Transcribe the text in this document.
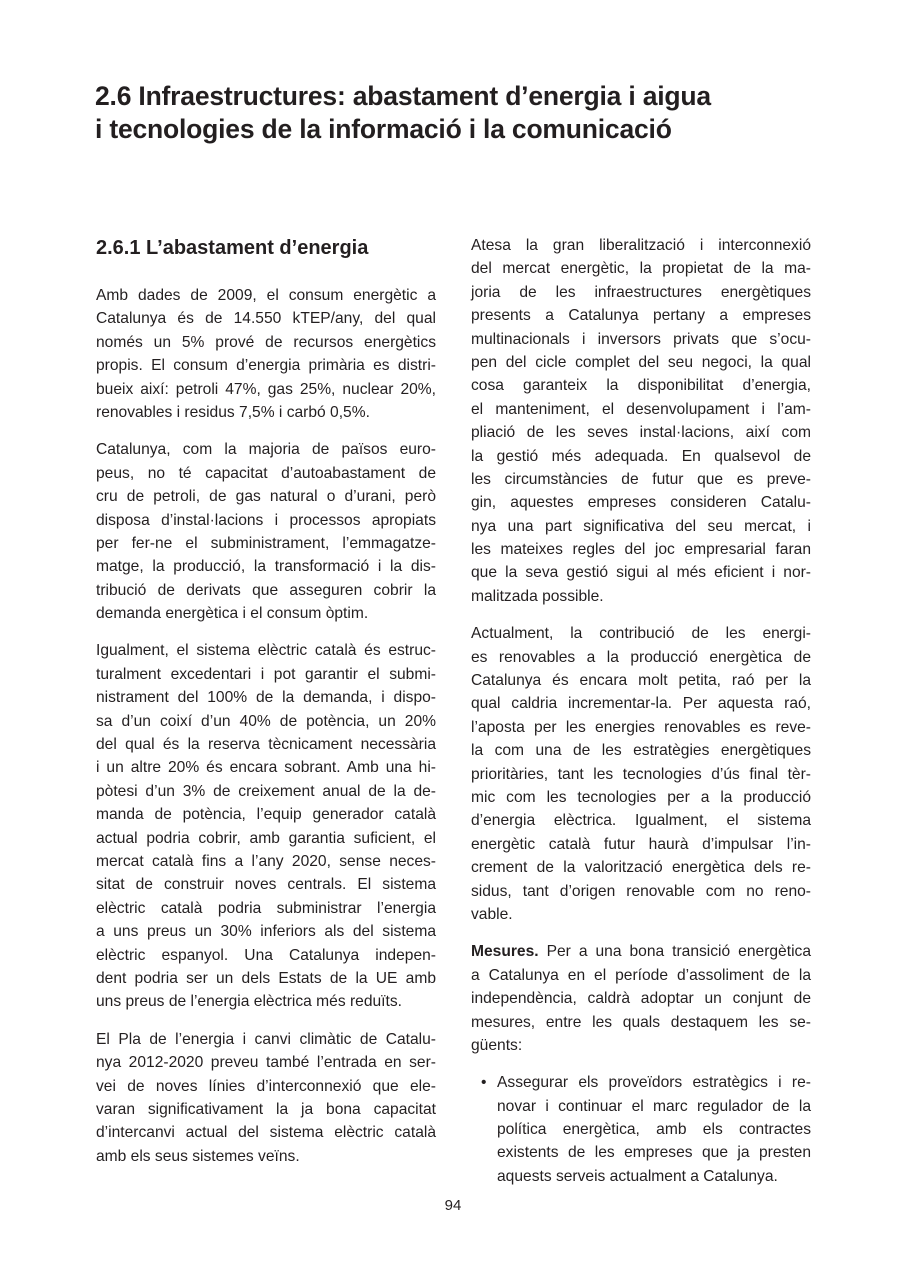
2.6 Infraestructures: abastament d’energia i aigua
i tecnologies de la informació i la comunicació
2.6.1 L’abastament d’energia
Amb dades de 2009, el consum energètic a
Catalunya és de 14.550 kTEP/any, del qual
només un 5% prové de recursos energètics
propis. El consum d’energia primària es distri-
bueix així: petroli 47%, gas 25%, nuclear 20%,
renovables i residus 7,5% i carbó 0,5%.
Catalunya, com la majoria de països euro-
peus, no té capacitat d’autoabastament de
cru de petroli, de gas natural o d’urani, però
disposa d’instal·lacions i processos apropiats
per fer-ne el subministrament, l’emmagatze-
matge, la producció, la transformació i la dis-
tribució de derivats que asseguren cobrir la
demanda energètica i el consum òptim.
Igualment, el sistema elèctric català és estruc-
turalment excedentari i pot garantir el submi-
nistrament del 100% de la demanda, i dispo-
sa d’un coixí d’un 40% de potència, un 20%
del qual és la reserva tècnicament necessària
i un altre 20% és encara sobrant. Amb una hi-
pòtesi d’un 3% de creixement anual de la de-
manda de potència, l’equip generador català
actual podria cobrir, amb garantia suficient, el
mercat català fins a l’any 2020, sense neces-
sitat de construir noves centrals. El sistema
elèctric català podria subministrar l’energia
a uns preus un 30% inferiors als del sistema
elèctric espanyol. Una Catalunya indepen-
dent podria ser un dels Estats de la UE amb
uns preus de l’energia elèctrica més reduïts.
El Pla de l’energia i canvi climàtic de Catalu-
nya 2012-2020 preveu també l’entrada en ser-
vei de noves línies d’interconnexió que ele-
varan significativament la ja bona capacitat
d’intercanvi actual del sistema elèctric català
amb els seus sistemes veïns.
Atesa la gran liberalització i interconnexió
del mercat energètic, la propietat de la ma-
joria de les infraestructures energètiques
presents a Catalunya pertany a empreses
multinacionals i inversors privats que s’ocu-
pen del cicle complet del seu negoci, la qual
cosa garanteix la disponibilitat d’energia,
el manteniment, el desenvolupament i l’am-
pliació de les seves instal·lacions, així com
la gestió més adequada. En qualsevol de
les circumstàncies de futur que es preve-
gin, aquestes empreses consideren Catalu-
nya una part significativa del seu mercat, i
les mateixes regles del joc empresarial faran
que la seva gestió sigui al més eficient i nor-
malitzada possible.
Actualment, la contribució de les energi-
es renovables a la producció energètica de
Catalunya és encara molt petita, raó per la
qual caldria incrementar-la. Per aquesta raó,
l’aposta per les energies renovables es reve-
la com una de les estratègies energètiques
prioritàries, tant les tecnologies d’ús final tèr-
mic com les tecnologies per a la producció
d’energia elèctrica. Igualment, el sistema
energètic català futur haurà d’impulsar l’in-
crement de la valorització energètica dels re-
sidus, tant d’origen renovable com no reno-
vable.
Mesures. Per a una bona transició energètica
a Catalunya en el període d’assoliment de la
independència, caldrà adoptar un conjunt de
mesures, entre les quals destaquem les se-
güents:
• Assegurar els proveïdors estratègics i re-
novar i continuar el marc regulador de la
política energètica, amb els contractes
existents de les empreses que ja presten
aquests serveis actualment a Catalunya.
94
